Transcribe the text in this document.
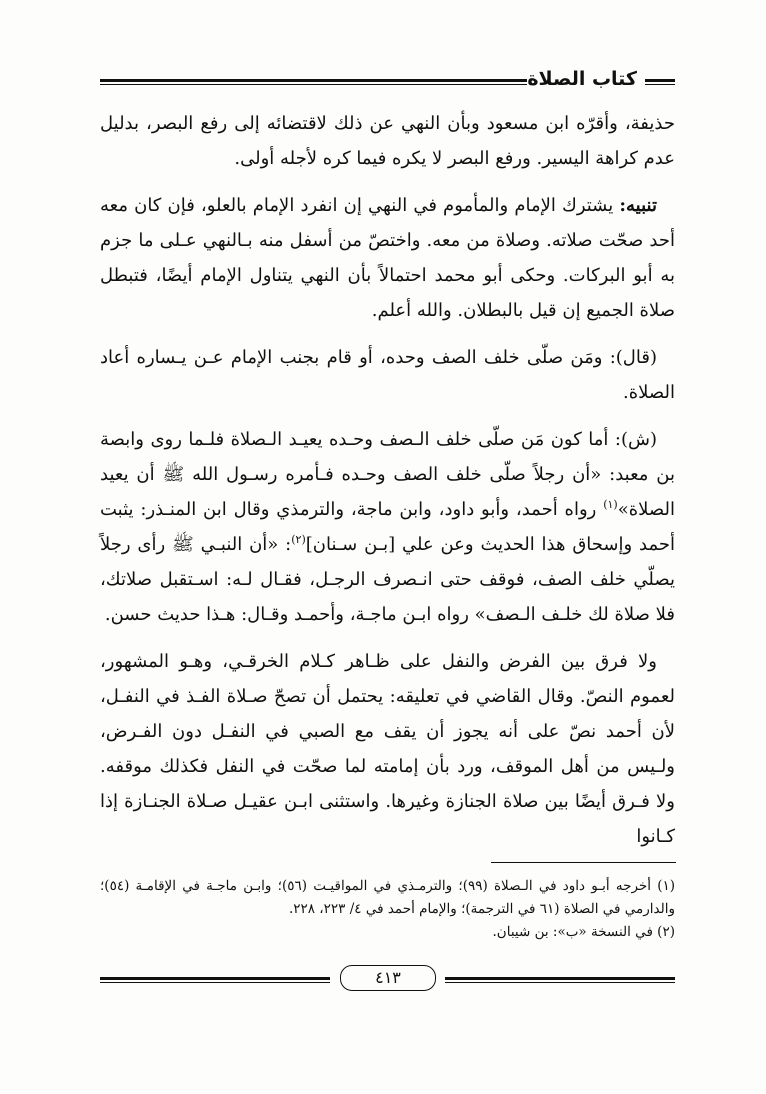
كتاب الصلاة

حذيفة، وأقرّه ابن مسعود وبأن النهي عن ذلك لاقتضائه إلى رفع البصر، بدليل عدم كراهة اليسير. ورفع البصر لا يكره فيما كره لأجله أولى.

تنبيه: يشترك الإمام والمأموم في النهي إن انفرد الإمام بالعلو، فإن كان معه أحد صحّت صلاته. وصلاة من معه. واختصّ من أسفل منه بـالنهي عـلى ما جزم به أبو البركات. وحكى أبو محمد احتمالاً بأن النهي يتناول الإمام أيضًا، فتبطل صلاة الجميع إن قيل بالبطلان. والله أعلم.

(قال): ومَن صلّى خلف الصف وحده، أو قام بجنب الإمام عـن يـساره أعاد الصلاة.

(ش): أما كون مَن صلّى خلف الـصف وحـده يعيـد الـصلاة فلـما روى وابصة بن معبد: «أن رجلاً صلّى خلف الصف وحـده فـأمره رسـول الله ﷺ أن يعيد الصلاة»$^{(١)}$ رواه أحمد، وأبو داود، وابن ماجة، والترمذي وقال ابن المنـذر: يثبت أحمد وإسحاق هذا الحديث وعن علي [بـن سـنان]$^{(٢)}$: «أن النبـي ﷺ رأى رجلاً يصلّي خلف الصف، فوقف حتى انـصرف الرجـل، فقـال لـه: اسـتقبل صلاتك، فلا صلاة لك خلـف الـصف» رواه ابـن ماجـة، وأحمـد وقـال: هـذا حديث حسن.

ولا فرق بين الفرض والنفل على ظـاهر كـلام الخرقـي، وهـو المشهور، لعموم النصّ. وقال القاضي في تعليقه: يحتمل أن تصحّ صـلاة الفـذ في النفـل، لأن أحمد نصّ على أنه يجوز أن يقف مع الصبي في النفـل دون الفـرض، ولـيس من أهل الموقف، ورد بأن إمامته لما صحّت في النفل فكذلك موقفه. ولا فـرق أيضًا بين صلاة الجنازة وغيرها. واستثنى ابـن عقيـل صـلاة الجنـازة إذا كـانوا

(١) أخرجه أبـو داود في الـصلاة (٩٩)؛ والترمـذي في المواقيـت (٥٦)؛ وابـن ماجـة في الإقامـة (٥٤)؛ والدارمي في الصلاة (٦١ في الترجمة)؛ والإمام أحمد في ٤/ ٢٢٣، ٢٢٨.
(٢) في النسخة «ب»: بن شيبان.
٤١٣
